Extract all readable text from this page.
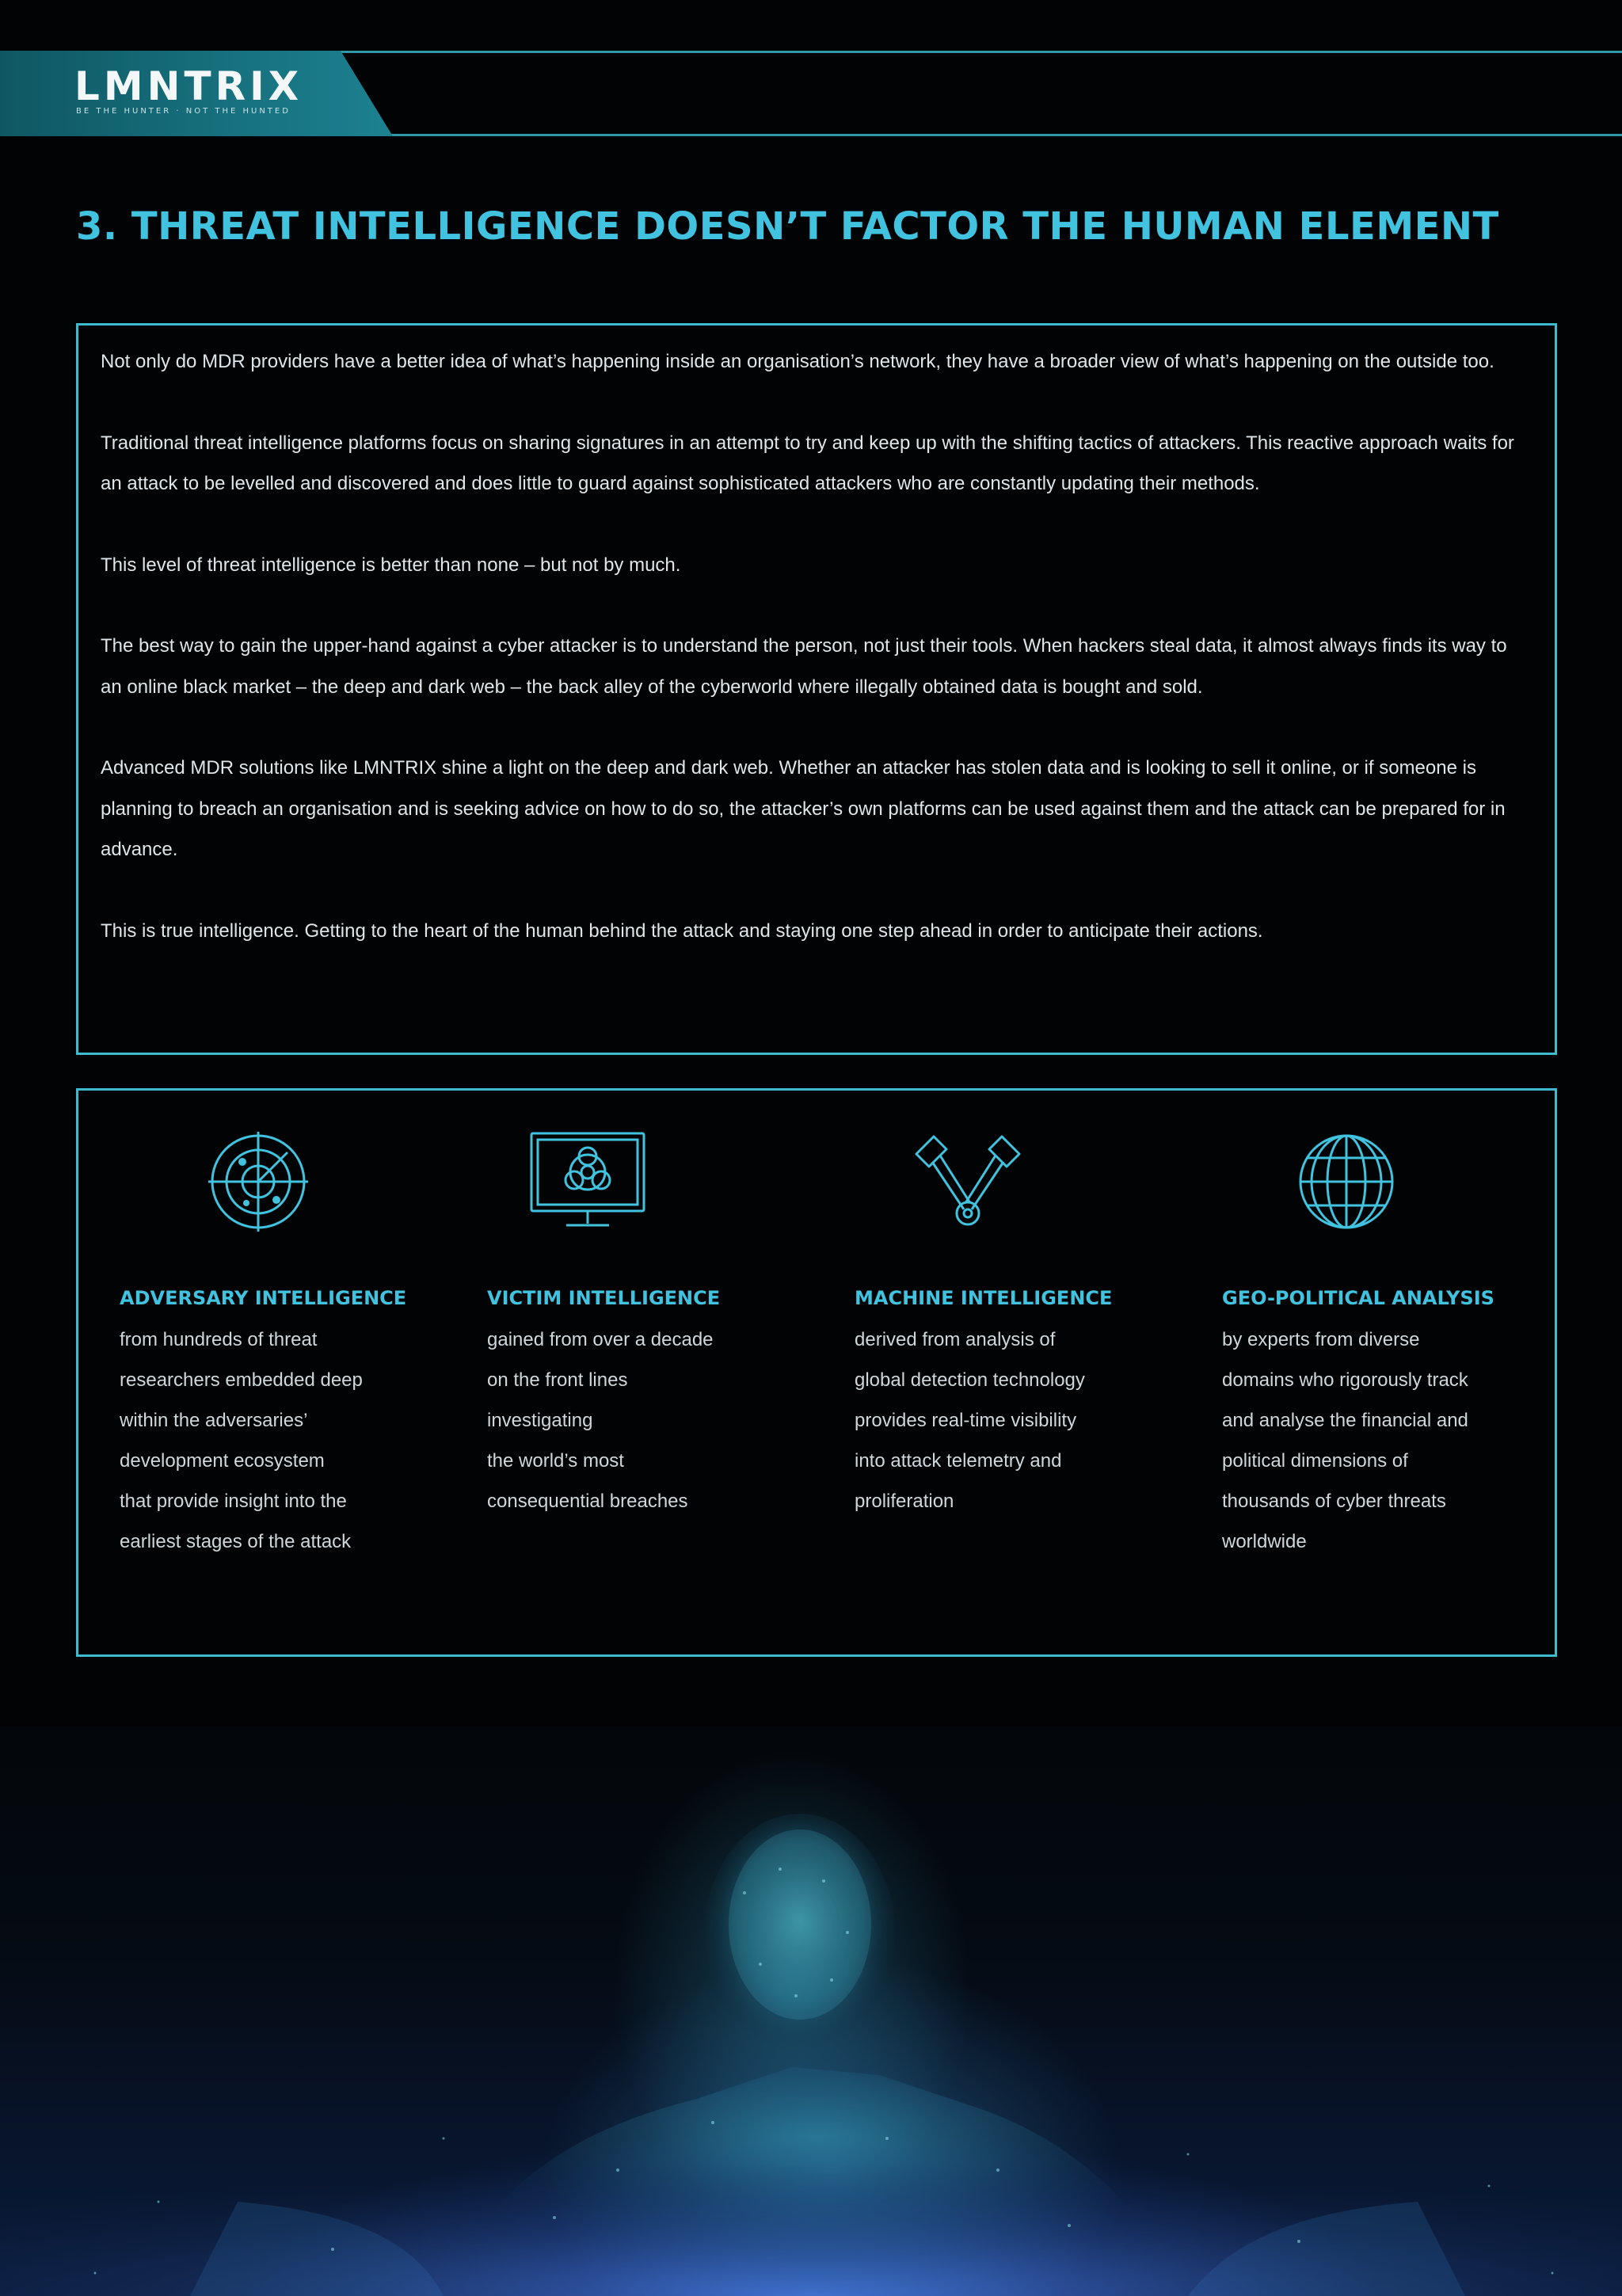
LMNTRIX
BE THE HUNTER · NOT THE HUNTED
3. THREAT INTELLIGENCE DOESN’T FACTOR THE HUMAN ELEMENT

Not only do MDR providers have a better idea of what’s happening inside an organisation’s network, they have a broader view of what’s happening on the outside too.

Traditional threat intelligence platforms focus on sharing signatures in an attempt to try and keep up with the shifting tactics of attackers. This reactive approach waits for an attack to be levelled and discovered and does little to guard against sophisticated attackers who are constantly updating their methods.

This level of threat intelligence is better than none – but not by much.

The best way to gain the upper-hand against a cyber attacker is to understand the person, not just their tools. When hackers steal data, it almost always finds its way to an online black market – the deep and dark web – the back alley of the cyberworld where illegally obtained data is bought and sold.

Advanced MDR solutions like LMNTRIX shine a light on the deep and dark web. Whether an attacker has stolen data and is looking to sell it online, or if someone is planning to breach an organisation and is seeking advice on how to do so, the attacker’s own platforms can be used against them and the attack can be prepared for in advance.

This is true intelligence. Getting to the heart of the human behind the attack and staying one step ahead in order to anticipate their actions.

ADVERSARY INTELLIGENCE
from hundreds of threat
researchers embedded deep
within the adversaries’
development ecosystem
that provide insight into the
earliest stages of the attack
VICTIM INTELLIGENCE
gained from over a decade
on the front lines
investigating
the world’s most
consequential breaches
MACHINE INTELLIGENCE
derived from analysis of
global detection technology
provides real-time visibility
into attack telemetry and
proliferation
GEO-POLITICAL ANALYSIS
by experts from diverse
domains who rigorously track
and analyse the financial and
political dimensions of
thousands of cyber threats
worldwide
